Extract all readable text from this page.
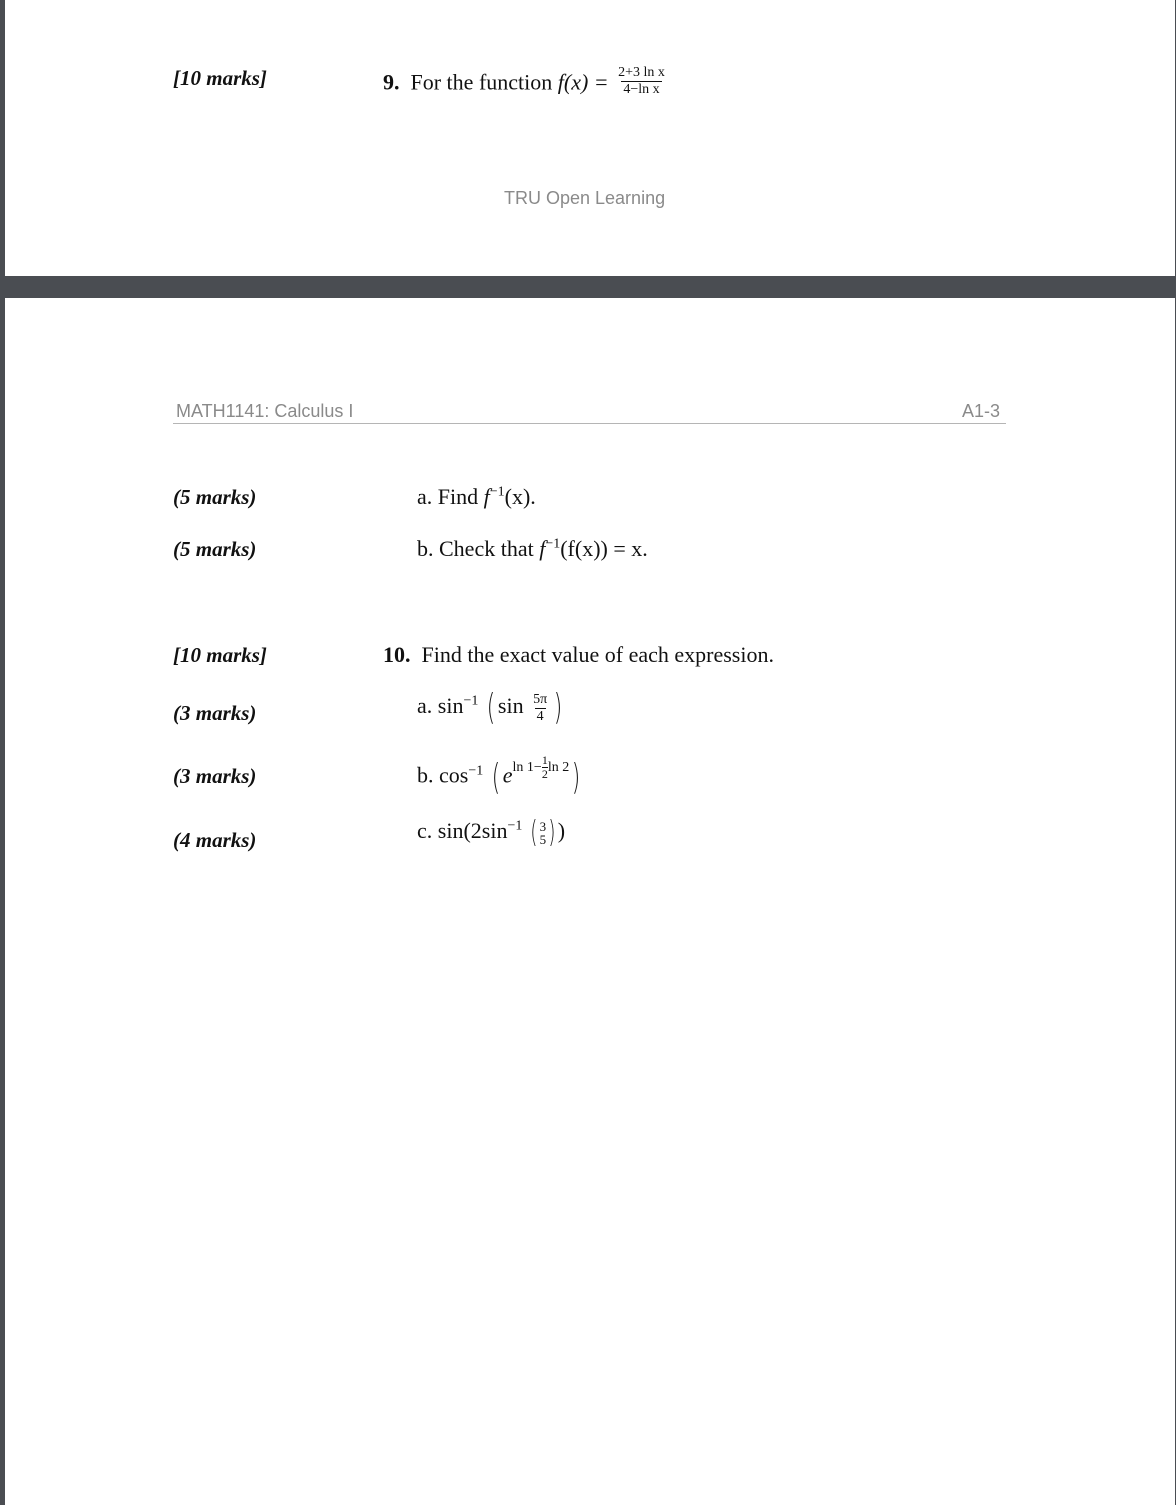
[10 marks]	9. For the function $f(x) = \frac{\text{2+3 ln x}}{\text{4−ln x}}$
TRU Open Learning
MATH1141: Calculus I	A1-3
(5 marks)	a. Find $f^{-1}(x)$.
(5 marks)	b. Check that $f^{-1}(f(x)) = x$.
[10 marks]	10. Find the exact value of each expression.
(3 marks)	a. $\sin^{-1}$ ( $\sin \frac{5\pi}{4}$ )
(3 marks)	b. $\cos^{-1}$ ( $e^{ln 1- \frac{1}{2} ln 2}$)
(4 marks)	c. $\sin(2\sin^{-1}$ ( 3
5 ) )
